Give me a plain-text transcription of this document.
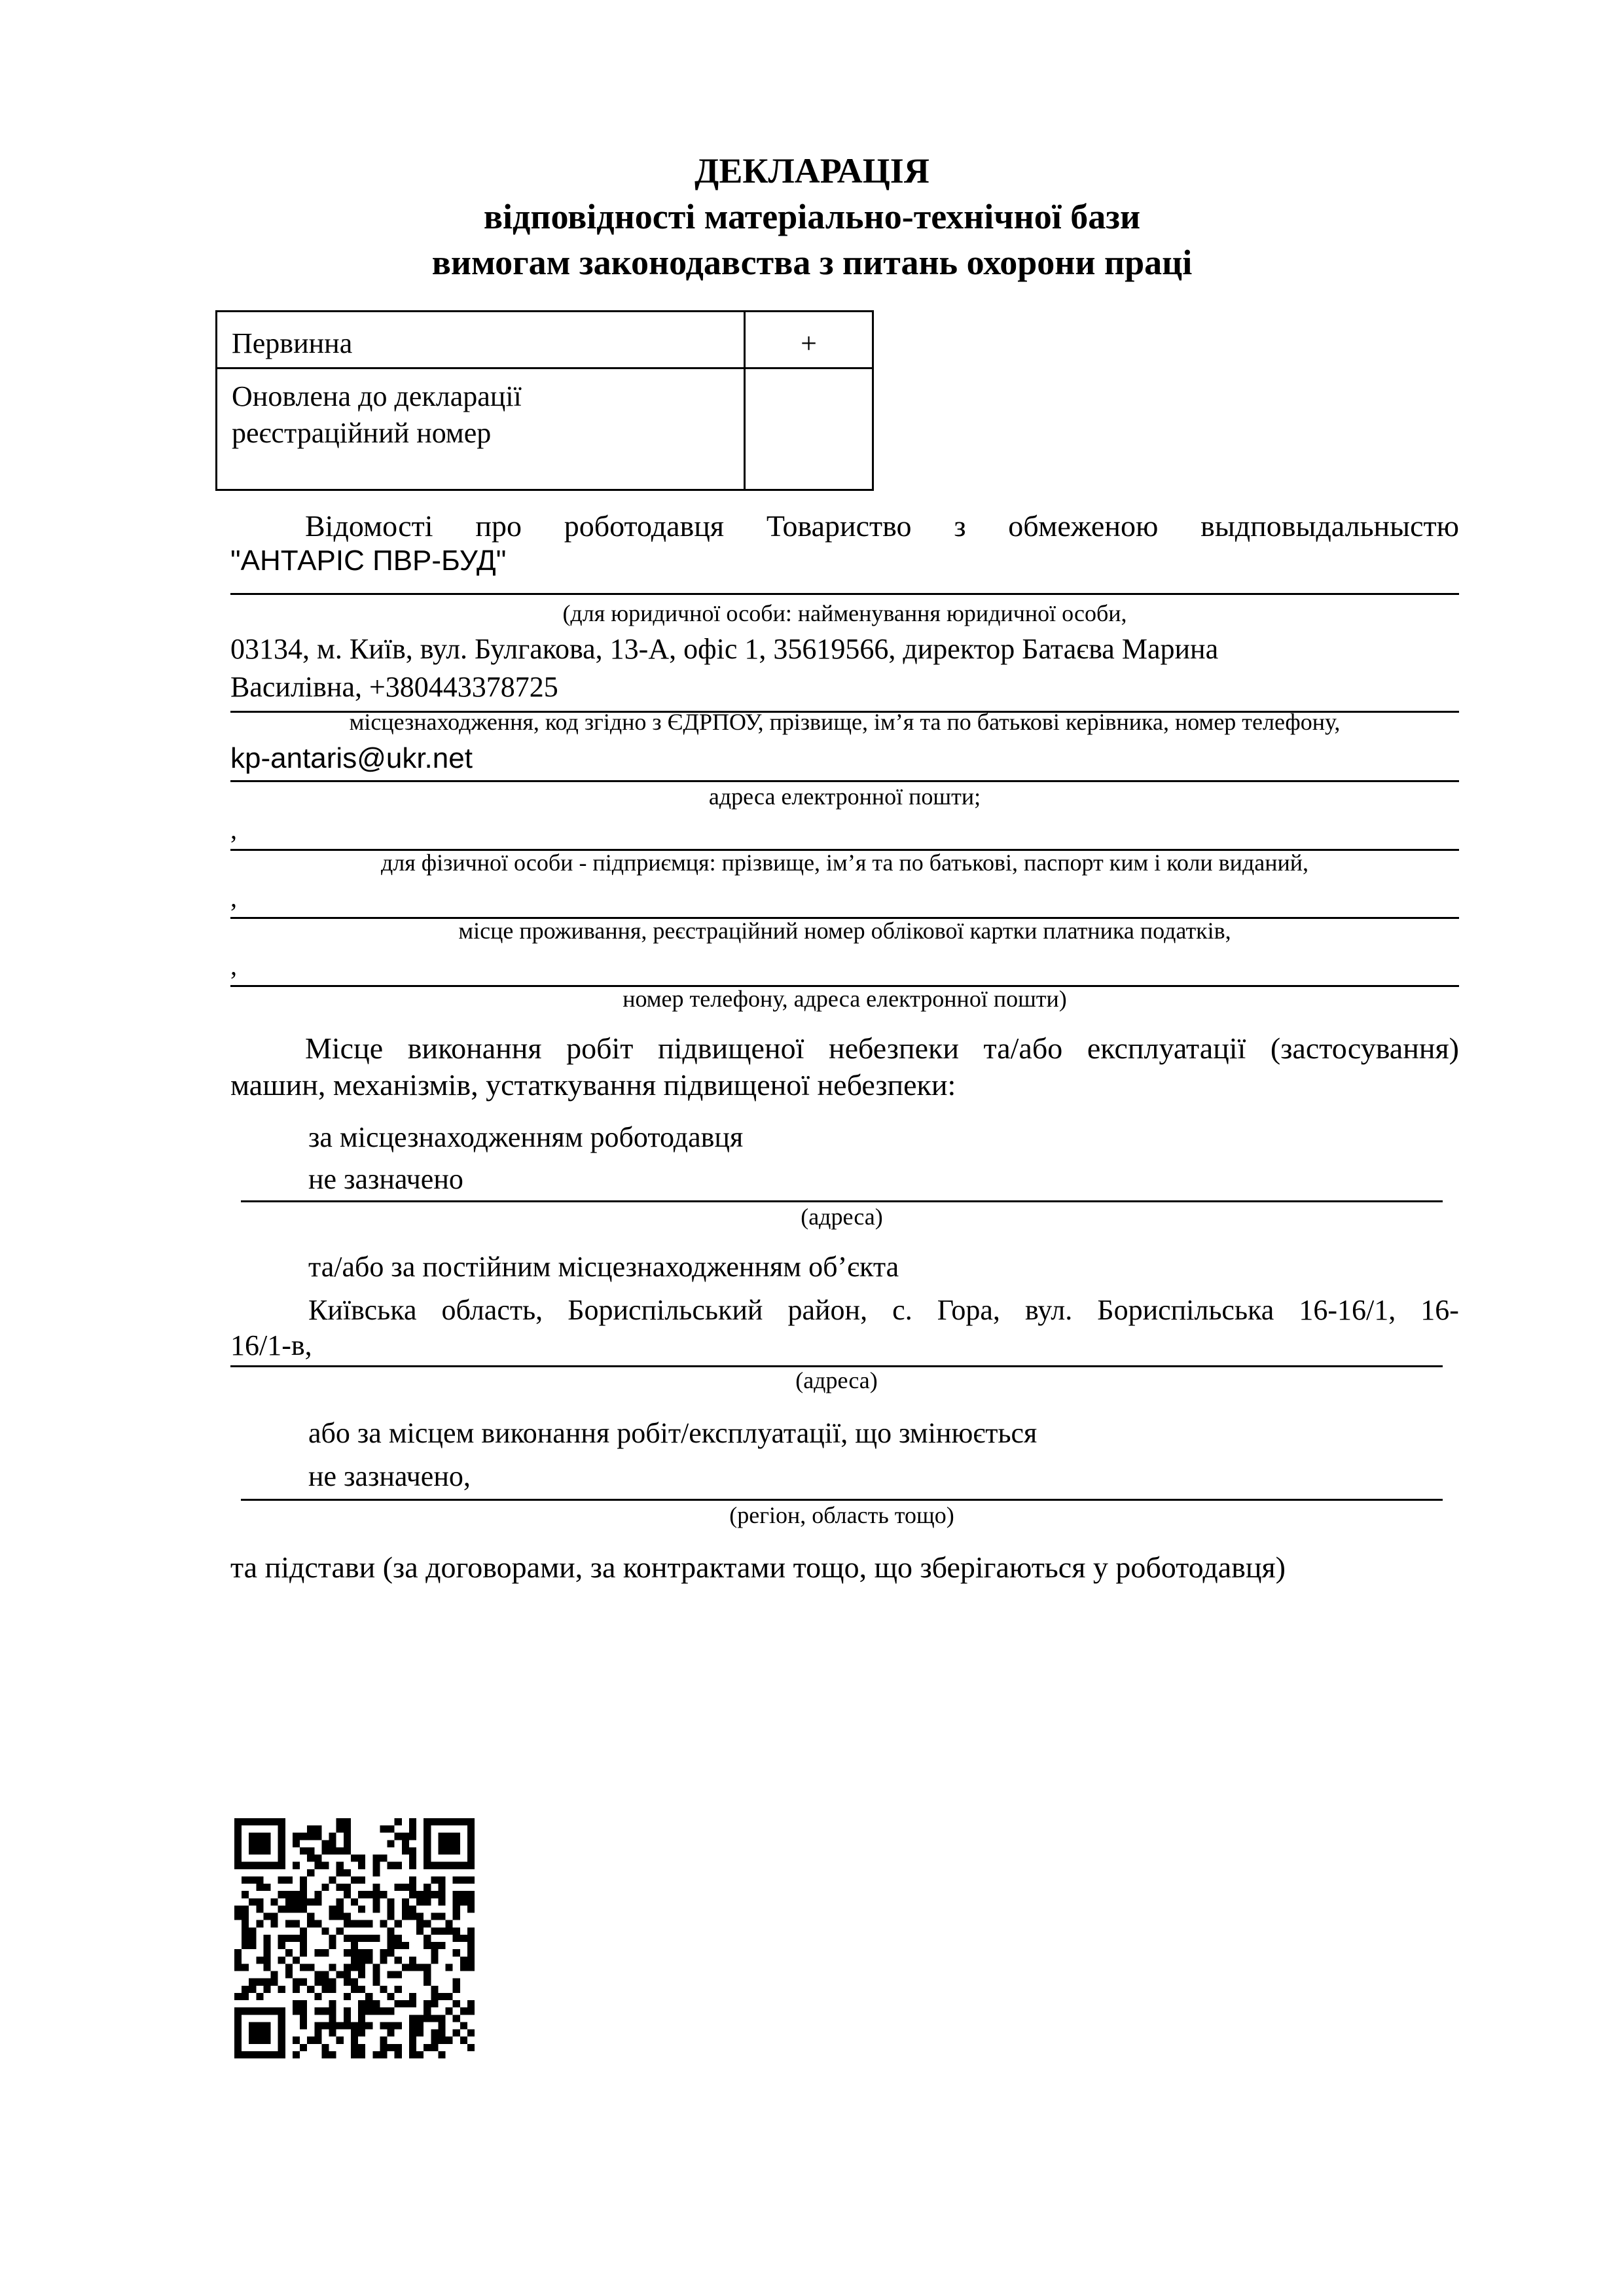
ДЕКЛАРАЦІЯ
відповідності матеріально-технічної бази
вимогам законодавства з питань охорони праці
Первинна	+
Оновлена до декларації
реєстраційний номер	
Відомості про роботодавця Товариство з обмеженою выдповыдальныстю
"АНТАРІС ПВР-БУД"
(для юридичної особи: найменування юридичної особи,
03134, м. Київ, вул. Булгакова, 13-А, офіс 1, 35619566, директор Батаєва Марина
Василівна, +380443378725
місцезнаходження, код згідно з ЄДРПОУ, прізвище, ім’я та по батькові керівника, номер телефону,
kp-antaris@ukr.net
адреса електронної пошти;
,
для фізичної особи - підприємця: прізвище, ім’я та по батькові, паспорт ким і коли виданий,
,
місце проживання, реєстраційний номер облікової картки платника податків,
,
номер телефону, адреса електронної пошти)
Місце виконання робіт підвищеної небезпеки та/або експлуатації (застосування)
машин, механізмів, устаткування підвищеної небезпеки:
за місцезнаходженням роботодавця
не зазначено
(адреса)
та/або за постійним місцезнаходженням об’єкта
Київська область, Бориспільський район, с. Гора, вул. Бориспільська 16-16/1, 16-
16/1-в,
(адреса)
або за місцем виконання робіт/експлуатації, що змінюється
не зазначено,
(регіон, область тощо)
та підстави (за договорами, за контрактами тощо, що зберігаються у роботодавця)
